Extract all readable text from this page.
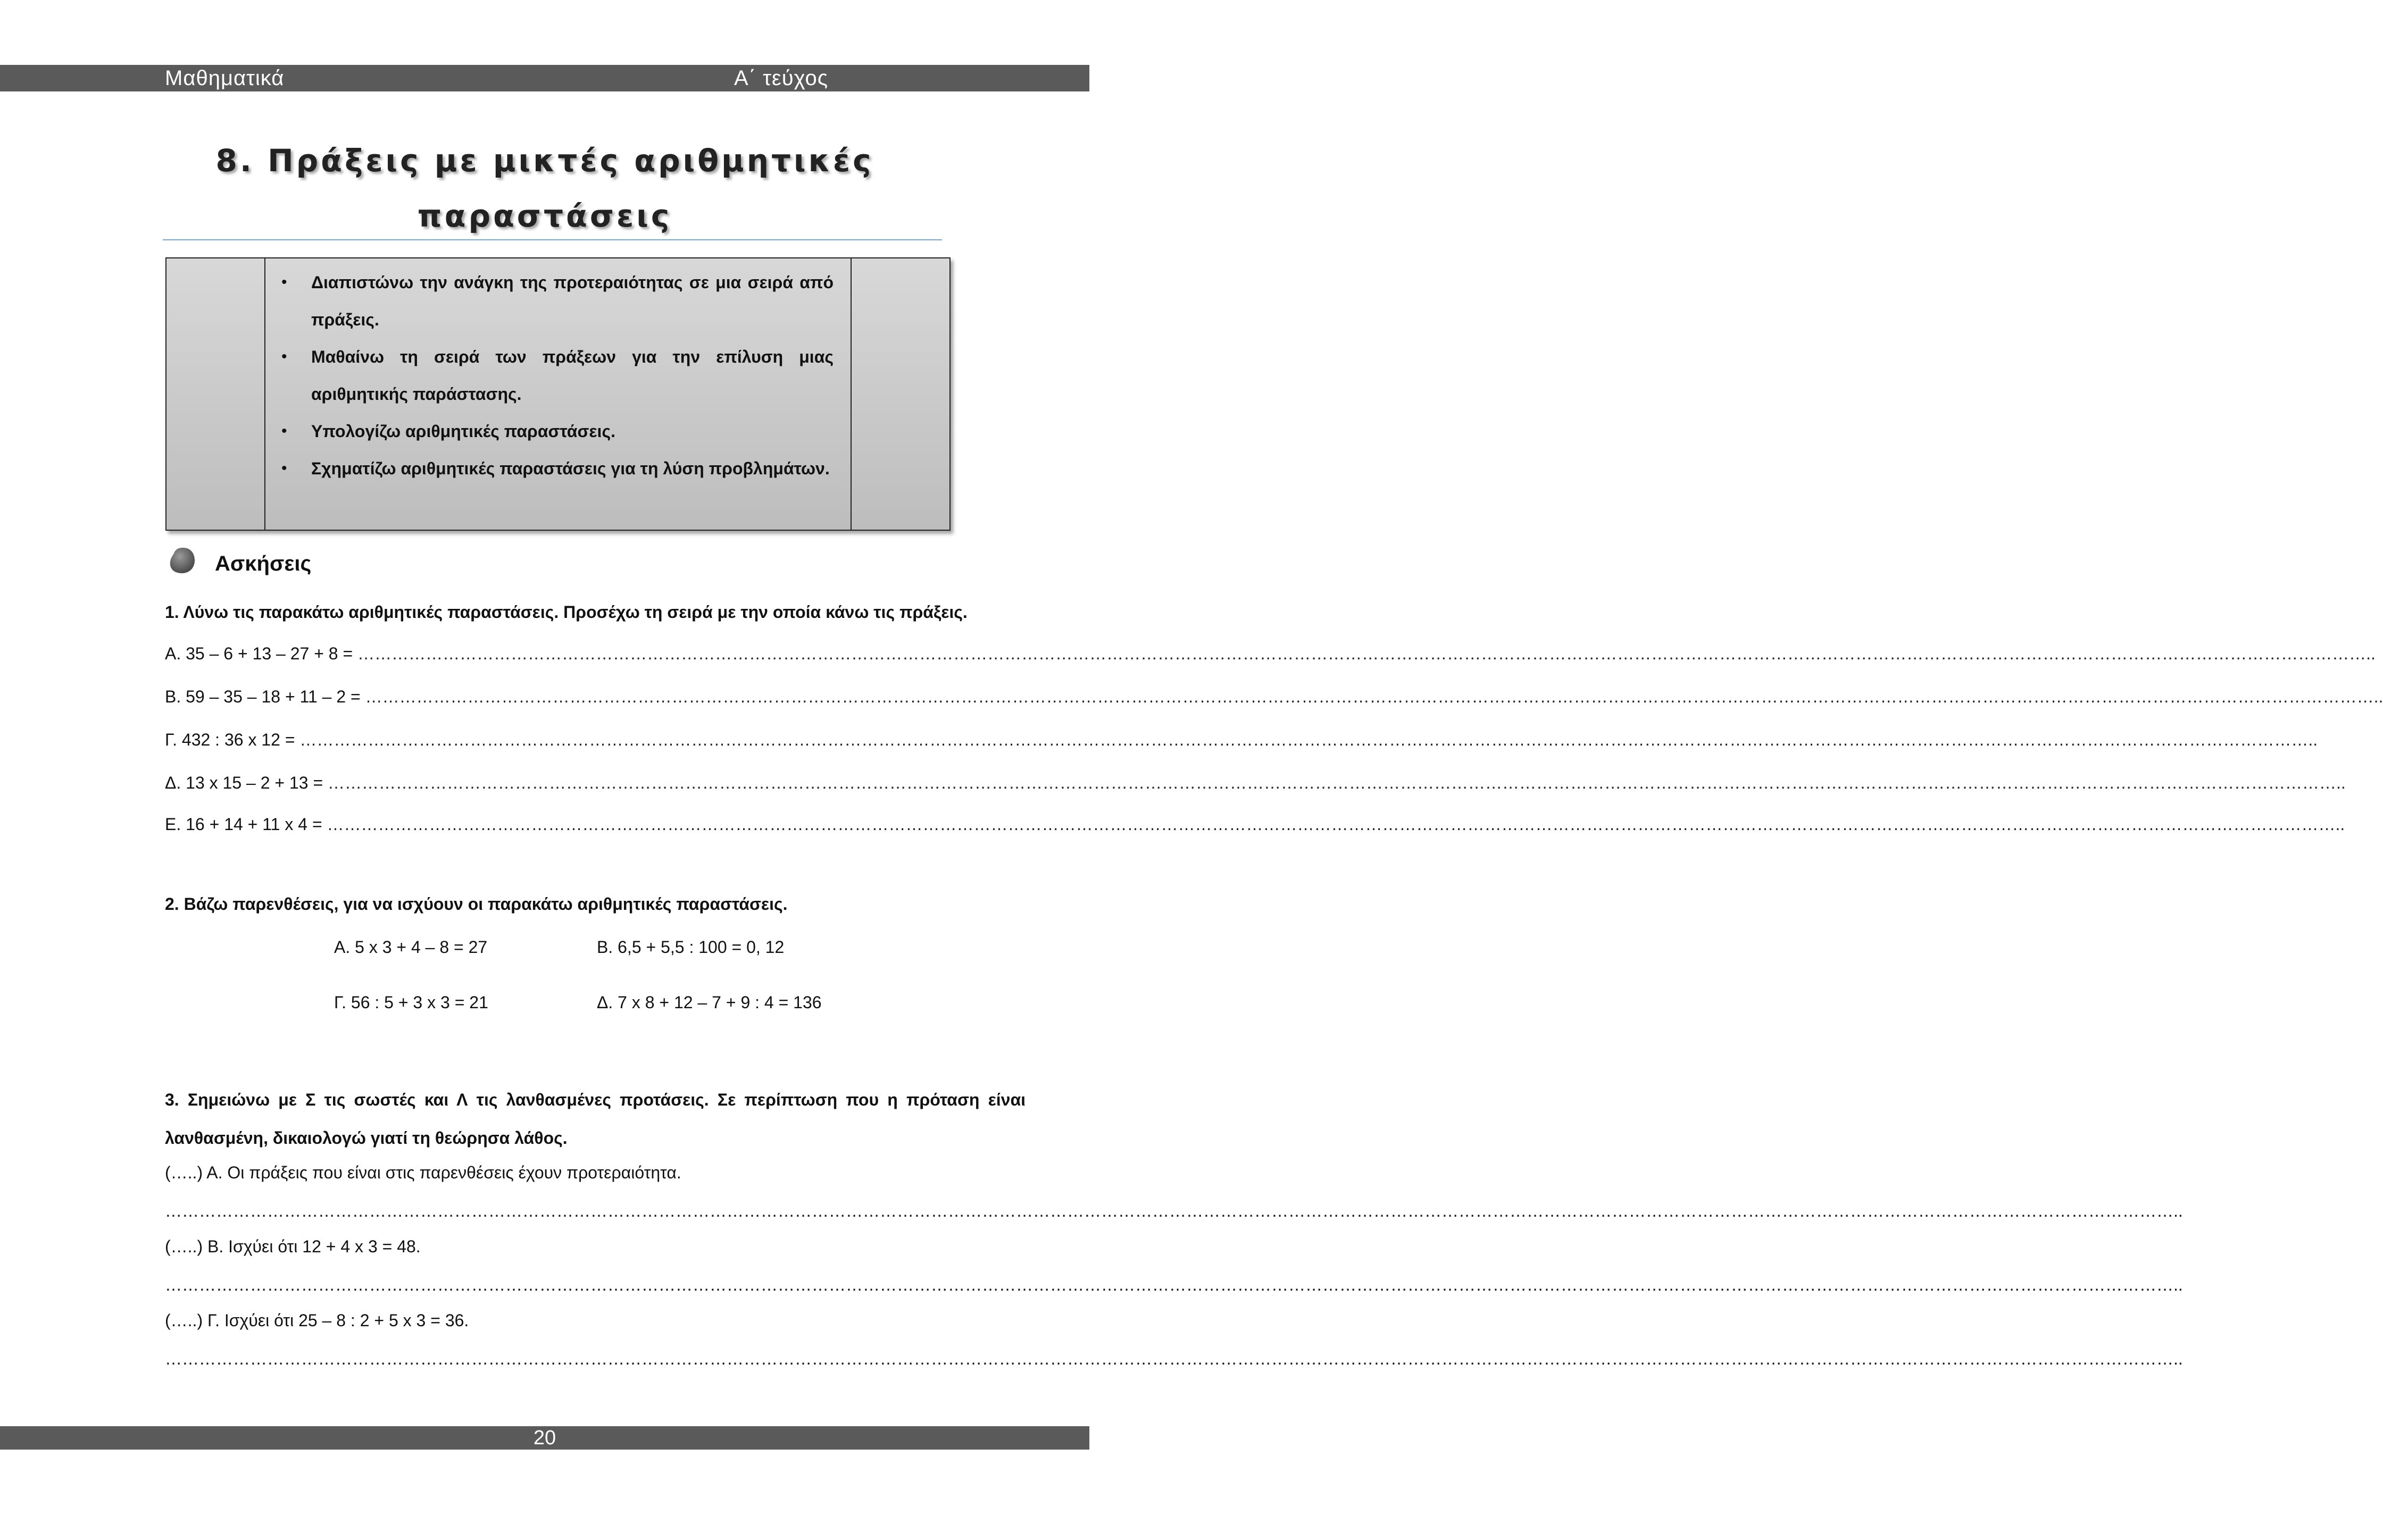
Μαθηματικά	Α΄ τεύχος
8. Πράξεις με μικτές αριθμητικές
παραστάσεις
• Διαπιστώνω την ανάγκη της προτεραιότητας σε μια σειρά από πράξεις.
• Μαθαίνω τη σειρά των πράξεων για την επίλυση μιας αριθμητικής παράστασης.
• Υπολογίζω αριθμητικές παραστάσεις.
• Σχηματίζω αριθμητικές παραστάσεις για τη λύση προβλημάτων.
Ασκήσεις
1. Λύνω τις παρακάτω αριθμητικές παραστάσεις. Προσέχω τη σειρά με την οποία κάνω τις πράξεις.
Α. 35 – 6 + 13 – 27 + 8 = …………………………………………………………………………………………………………………………………………………………………………………………………………………………………………………………………………………………………………………………..
Β. 59 – 35 – 18 + 11 – 2 = …………………………………………………………………………………………………………………………………………………………………………………………………………………………………………………………………………………………………………………………..
Γ. 432 : 36 x 12 = …………………………………………………………………………………………………………………………………………………………………………………………………………………………………………………………………………………………………………………………..
Δ. 13 x 15 – 2 + 13 = …………………………………………………………………………………………………………………………………………………………………………………………………………………………………………………………………………………………………………………………..
Ε. 16 + 14 + 11 x 4 = …………………………………………………………………………………………………………………………………………………………………………………………………………………………………………………………………………………………………………………………..
2. Βάζω παρενθέσεις, για να ισχύουν οι παρακάτω αριθμητικές παραστάσεις.
Α. 5 x 3 + 4 – 8 = 27	Β. 6,5 + 5,5 : 100 = 0, 12
Γ. 56 : 5 + 3 x 3 = 21	Δ. 7 x 8 + 12 – 7 + 9 : 4 = 136
3. Σημειώνω με Σ τις σωστές και Λ τις λανθασμένες προτάσεις. Σε περίπτωση που η πρόταση είναι λανθασμένη, δικαιολογώ γιατί τη θεώρησα λάθος.
(…..) Α. Οι πράξεις που είναι στις παρενθέσεις έχουν προτεραιότητα.
…………………………………………………………………………………………………………………………………………………………………………………………………………………………………………………………………………………………………………………………..
(…..) Β. Ισχύει ότι 12 + 4 x 3 = 48.
…………………………………………………………………………………………………………………………………………………………………………………………………………………………………………………………………………………………………………………………..
(…..) Γ. Ισχύει ότι 25 – 8 : 2 + 5 x 3 = 36.
…………………………………………………………………………………………………………………………………………………………………………………………………………………………………………………………………………………………………………………………..
20
